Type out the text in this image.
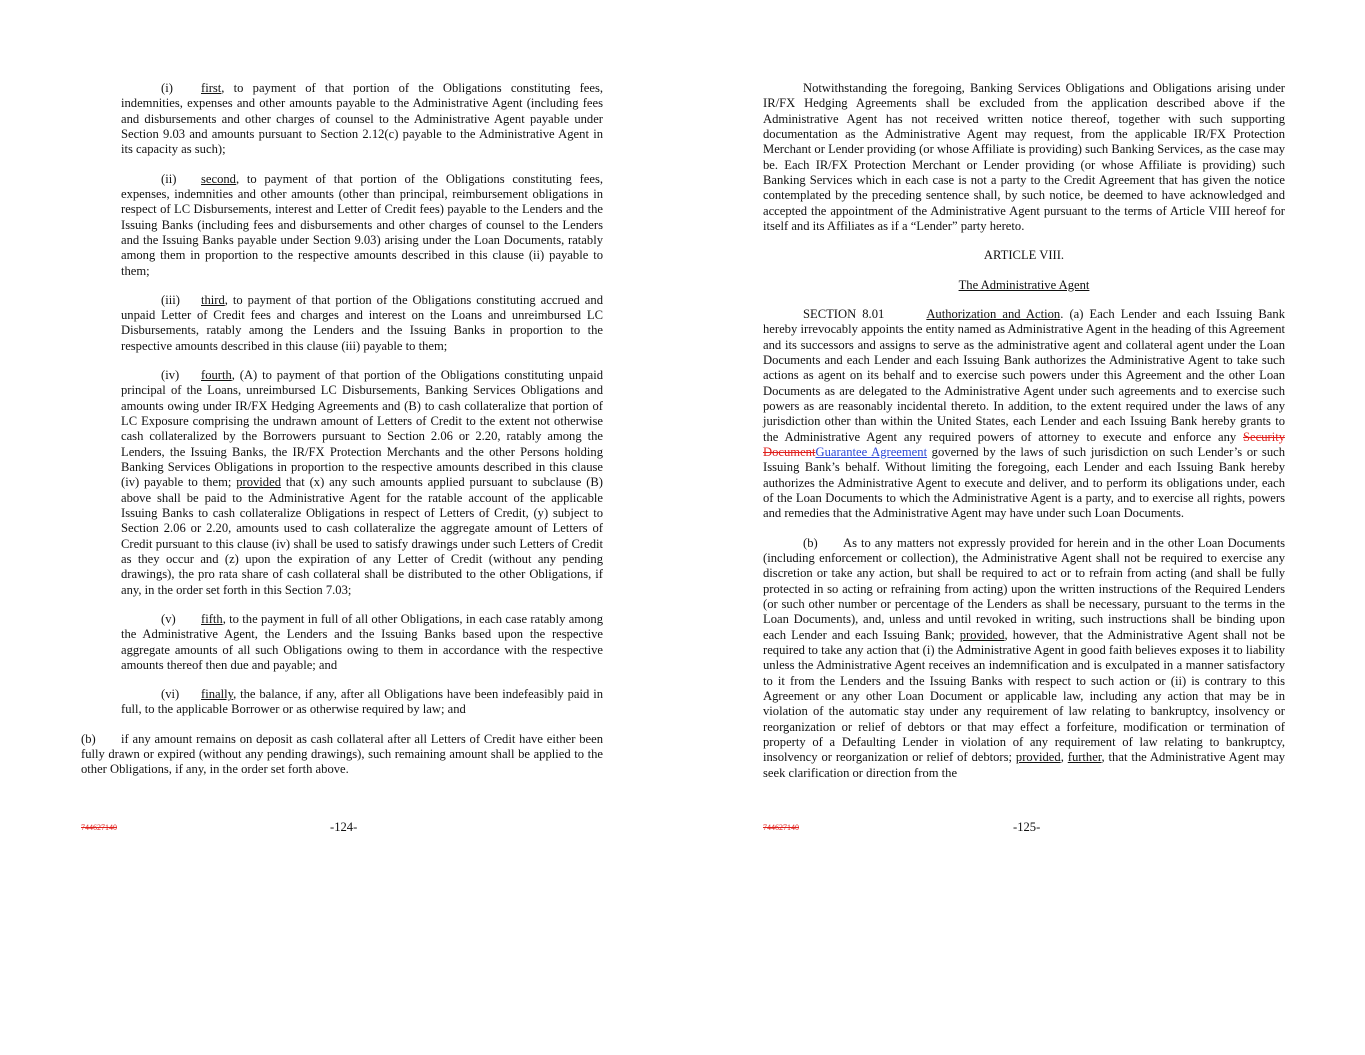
(i) first, to payment of that portion of the Obligations constituting fees, indemnities, expenses and other amounts payable to the Administrative Agent (including fees and disbursements and other charges of counsel to the Administrative Agent payable under Section 9.03 and amounts pursuant to Section 2.12(c) payable to the Administrative Agent in its capacity as such);

(ii) second, to payment of that portion of the Obligations constituting fees, expenses, indemnities and other amounts (other than principal, reimbursement obligations in respect of LC Disbursements, interest and Letter of Credit fees) payable to the Lenders and the Issuing Banks (including fees and disbursements and other charges of counsel to the Lenders and the Issuing Banks payable under Section 9.03) arising under the Loan Documents, ratably among them in proportion to the respective amounts described in this clause (ii) payable to them;

(iii) third, to payment of that portion of the Obligations constituting accrued and unpaid Letter of Credit fees and charges and interest on the Loans and unreimbursed LC Disbursements, ratably among the Lenders and the Issuing Banks in proportion to the respective amounts described in this clause (iii) payable to them;

(iv) fourth, (A) to payment of that portion of the Obligations constituting unpaid principal of the Loans, unreimbursed LC Disbursements, Banking Services Obligations and amounts owing under IR/FX Hedging Agreements and (B) to cash collateralize that portion of LC Exposure comprising the undrawn amount of Letters of Credit to the extent not otherwise cash collateralized by the Borrowers pursuant to Section 2.06 or 2.20, ratably among the Lenders, the Issuing Banks, the IR/FX Protection Merchants and the other Persons holding Banking Services Obligations in proportion to the respective amounts described in this clause (iv) payable to them; provided that (x) any such amounts applied pursuant to subclause (B) above shall be paid to the Administrative Agent for the ratable account of the applicable Issuing Banks to cash collateralize Obligations in respect of Letters of Credit, (y) subject to Section 2.06 or 2.20, amounts used to cash collateralize the aggregate amount of Letters of Credit pursuant to this clause (iv) shall be used to satisfy drawings under such Letters of Credit as they occur and (z) upon the expiration of any Letter of Credit (without any pending drawings), the pro rata share of cash collateral shall be distributed to the other Obligations, if any, in the order set forth in this Section 7.03;

(v) fifth, to the payment in full of all other Obligations, in each case ratably among the Administrative Agent, the Lenders and the Issuing Banks based upon the respective aggregate amounts of all such Obligations owing to them in accordance with the respective amounts thereof then due and payable; and

(vi) finally, the balance, if any, after all Obligations have been indefeasibly paid in full, to the applicable Borrower or as otherwise required by law; and

(b) if any amount remains on deposit as cash collateral after all Letters of Credit have either been fully drawn or expired (without any pending drawings), such remaining amount shall be applied to the other Obligations, if any, in the order set forth above.

744627140	-124-

Notwithstanding the foregoing, Banking Services Obligations and Obligations arising under IR/FX Hedging Agreements shall be excluded from the application described above if the Administrative Agent has not received written notice thereof, together with such supporting documentation as the Administrative Agent may request, from the applicable IR/FX Protection Merchant or Lender providing (or whose Affiliate is providing) such Banking Services, as the case may be. Each IR/FX Protection Merchant or Lender providing (or whose Affiliate is providing) such Banking Services which in each case is not a party to the Credit Agreement that has given the notice contemplated by the preceding sentence shall, by such notice, be deemed to have acknowledged and accepted the appointment of the Administrative Agent pursuant to the terms of Article VIII hereof for itself and its Affiliates as if a “Lender” party hereto.

ARTICLE VIII.

The Administrative Agent

SECTION 8.01	Authorization and Action. (a) Each Lender and each Issuing Bank hereby irrevocably appoints the entity named as Administrative Agent in the heading of this Agreement and its successors and assigns to serve as the administrative agent and collateral agent under the Loan Documents and each Lender and each Issuing Bank authorizes the Administrative Agent to take such actions as agent on its behalf and to exercise such powers under this Agreement and the other Loan Documents as are delegated to the Administrative Agent under such agreements and to exercise such powers as are reasonably incidental thereto. In addition, to the extent required under the laws of any jurisdiction other than within the United States, each Lender and each Issuing Bank hereby grants to the Administrative Agent any required powers of attorney to execute and enforce any Security DocumentGuarantee Agreement governed by the laws of such jurisdiction on such Lender’s or such Issuing Bank’s behalf. Without limiting the foregoing, each Lender and each Issuing Bank hereby authorizes the Administrative Agent to execute and deliver, and to perform its obligations under, each of the Loan Documents to which the Administrative Agent is a party, and to exercise all rights, powers and remedies that the Administrative Agent may have under such Loan Documents.

(b) As to any matters not expressly provided for herein and in the other Loan Documents (including enforcement or collection), the Administrative Agent shall not be required to exercise any discretion or take any action, but shall be required to act or to refrain from acting (and shall be fully protected in so acting or refraining from acting) upon the written instructions of the Required Lenders (or such other number or percentage of the Lenders as shall be necessary, pursuant to the terms in the Loan Documents), and, unless and until revoked in writing, such instructions shall be binding upon each Lender and each Issuing Bank; provided, however, that the Administrative Agent shall not be required to take any action that (i) the Administrative Agent in good faith believes exposes it to liability unless the Administrative Agent receives an indemnification and is exculpated in a manner satisfactory to it from the Lenders and the Issuing Banks with respect to such action or (ii) is contrary to this Agreement or any other Loan Document or applicable law, including any action that may be in violation of the automatic stay under any requirement of law relating to bankruptcy, insolvency or reorganization or relief of debtors or that may effect a forfeiture, modification or termination of property of a Defaulting Lender in violation of any requirement of law relating to bankruptcy, insolvency or reorganization or relief of debtors; provided, further, that the Administrative Agent may seek clarification or direction from the

744627140	-125-
